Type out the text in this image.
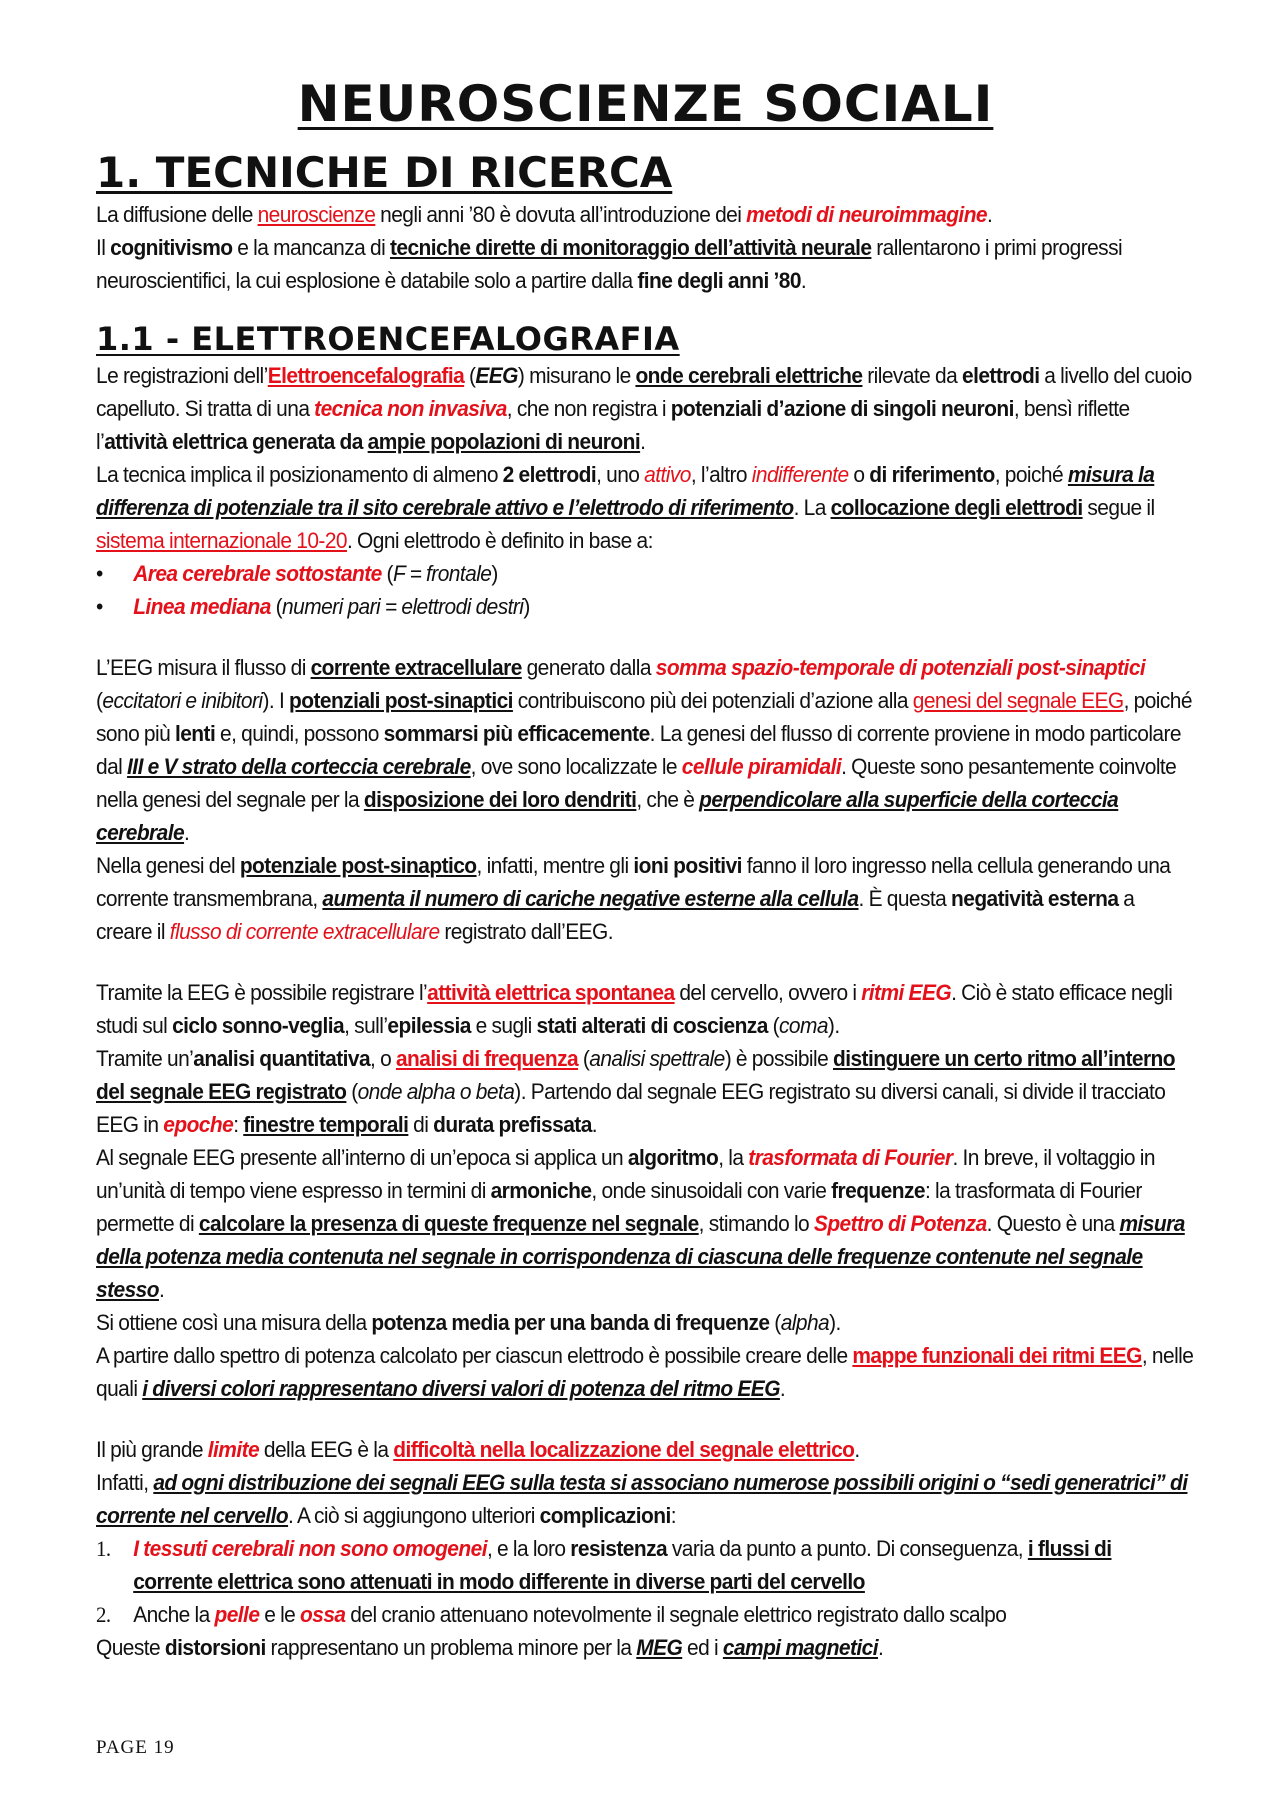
NEUROSCIENZE SOCIALI
1. TECNICHE DI RICERCA

La diffusione delle neuroscienze negli anni ’80 è dovuta all’introduzione dei metodi di neuroimmagine.
Il cognitivismo e la mancanza di tecniche dirette di monitoraggio dell’attività neurale rallentarono i primi progressi neuroscientifici, la cui esplosione è databile solo a partire dalla fine degli anni ’80.

1.1 - ELETTROENCEFALOGRAFIA

Le registrazioni dell’Elettroencefalografia (EEG) misurano le onde cerebrali elettriche rilevate da elettrodi a livello del cuoio capelluto. Si tratta di una tecnica non invasiva, che non registra i potenziali d’azione di singoli neuroni, bensì riflette l’attività elettrica generata da ampie popolazioni di neuroni.
La tecnica implica il posizionamento di almeno 2 elettrodi, uno attivo, l’altro indifferente o di riferimento, poiché misura la differenza di potenziale tra il sito cerebrale attivo e l’elettrodo di riferimento. La collocazione degli elettrodi segue il sistema internazionale 10-20. Ogni elettrodo è definito in base a:

• Area cerebrale sottostante (F = frontale)
• Linea mediana (numeri pari = elettrodi destri)

L’EEG misura il flusso di corrente extracellulare generato dalla somma spazio-temporale di potenziali post-sinaptici (eccitatori e inibitori). I potenziali post-sinaptici contribuiscono più dei potenziali d’azione alla genesi del segnale EEG, poiché sono più lenti e, quindi, possono sommarsi più efficacemente. La genesi del flusso di corrente proviene in modo particolare dal III e V strato della corteccia cerebrale, ove sono localizzate le cellule piramidali. Queste sono pesantemente coinvolte nella genesi del segnale per la disposizione dei loro dendriti, che è perpendicolare alla superficie della corteccia cerebrale.
Nella genesi del potenziale post-sinaptico, infatti, mentre gli ioni positivi fanno il loro ingresso nella cellula generando una corrente transmembrana, aumenta il numero di cariche negative esterne alla cellula. È questa negatività esterna a creare il flusso di corrente extracellulare registrato dall’EEG.

Tramite la EEG è possibile registrare l’attività elettrica spontanea del cervello, ovvero i ritmi EEG. Ciò è stato efficace negli studi sul ciclo sonno-veglia, sull’epilessia e sugli stati alterati di coscienza (coma).
Tramite un’analisi quantitativa, o analisi di frequenza (analisi spettrale) è possibile distinguere un certo ritmo all’interno del segnale EEG registrato (onde alpha o beta). Partendo dal segnale EEG registrato su diversi canali, si divide il tracciato EEG in epoche: finestre temporali di durata prefissata.
Al segnale EEG presente all’interno di un’epoca si applica un algoritmo, la trasformata di Fourier. In breve, il voltaggio in un’unità di tempo viene espresso in termini di armoniche, onde sinusoidali con varie frequenze: la trasformata di Fourier permette di calcolare la presenza di queste frequenze nel segnale, stimando lo Spettro di Potenza. Questo è una misura della potenza media contenuta nel segnale in corrispondenza di ciascuna delle frequenze contenute nel segnale stesso.
Si ottiene così una misura della potenza media per una banda di frequenze (alpha).
A partire dallo spettro di potenza calcolato per ciascun elettrodo è possibile creare delle mappe funzionali dei ritmi EEG, nelle quali i diversi colori rappresentano diversi valori di potenza del ritmo EEG.

Il più grande limite della EEG è la difficoltà nella localizzazione del segnale elettrico.
Infatti, ad ogni distribuzione dei segnali EEG sulla testa si associano numerose possibili origini o “sedi generatrici” di corrente nel cervello. A ciò si aggiungono ulteriori complicazioni:

1. I tessuti cerebrali non sono omogenei, e la loro resistenza varia da punto a punto. Di conseguenza, i flussi di corrente elettrica sono attenuati in modo differente in diverse parti del cervello
2. Anche la pelle e le ossa del cranio attenuano notevolmente il segnale elettrico registrato dallo scalpo

Queste distorsioni rappresentano un problema minore per la MEG ed i campi magnetici.

PAGE 19
